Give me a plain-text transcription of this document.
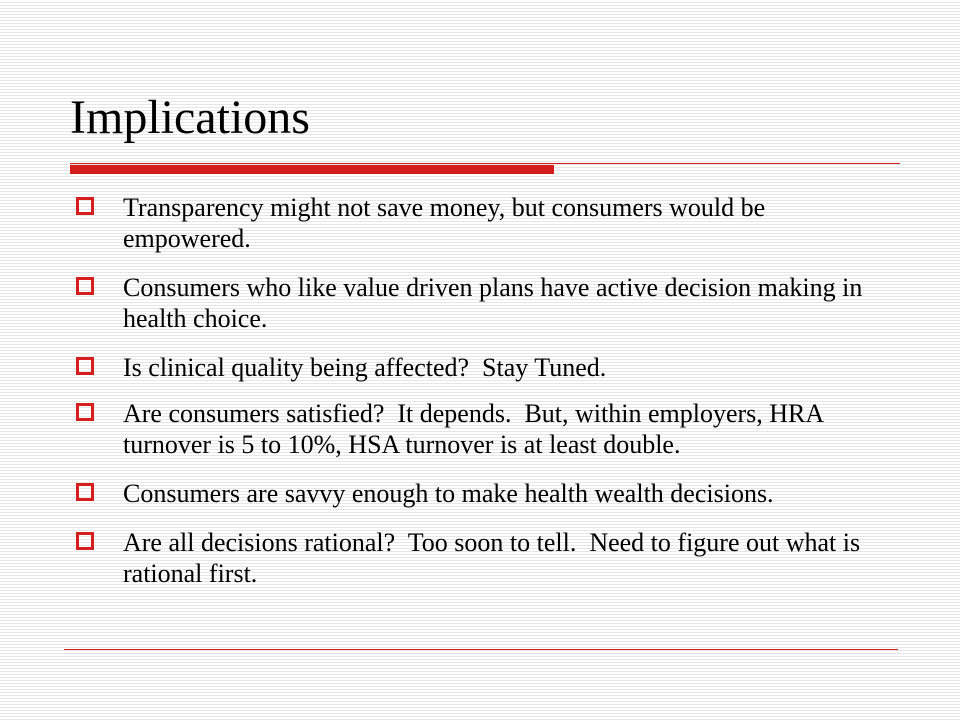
Implications
Transparency might not save money, but consumers would be empowered.
Consumers who like value driven plans have active decision making in health choice.
Is clinical quality being affected?  Stay Tuned.
Are consumers satisfied?  It depends.  But, within employers, HRA turnover is 5 to 10%, HSA turnover is at least double.
Consumers are savvy enough to make health wealth decisions.
Are all decisions rational?  Too soon to tell.  Need to figure out what is rational first.
